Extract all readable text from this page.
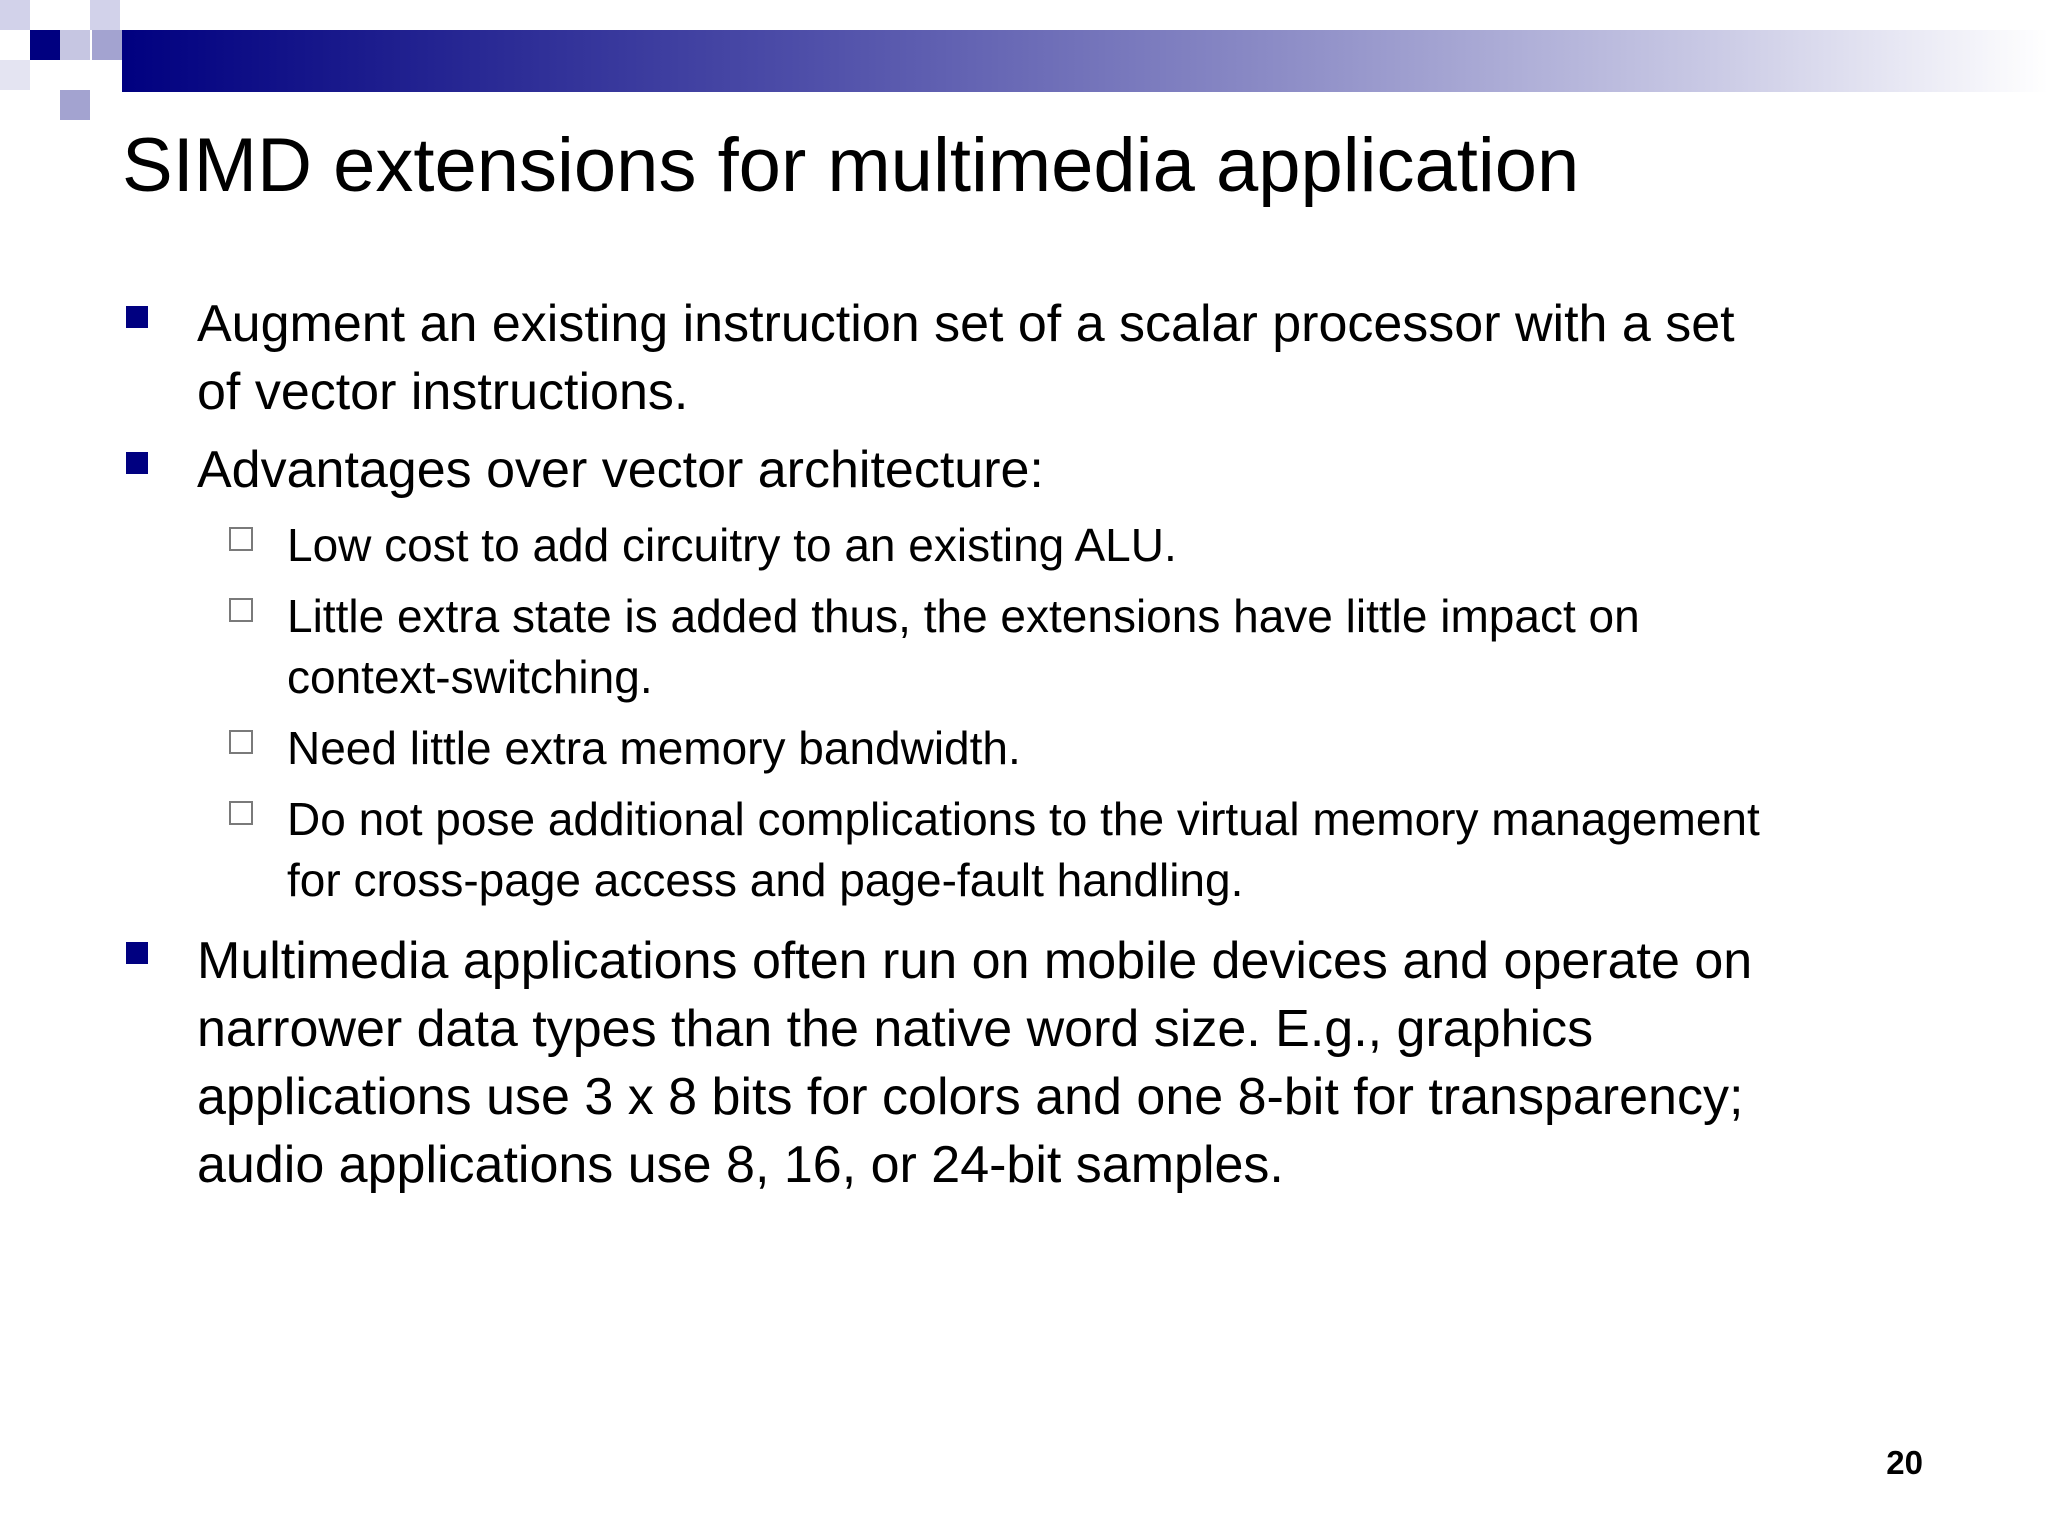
SIMD extensions for multimedia application
Augment an existing instruction set of a scalar processor with a set
of vector instructions.
Advantages over vector architecture:
Low cost to add circuitry to an existing ALU.
Little extra state is added thus, the extensions have little impact on
context-switching.
Need little extra memory bandwidth.
Do not pose additional complications to the virtual memory management
for cross-page access and page-fault handling.
Multimedia applications often run on mobile devices and operate on
narrower data types than the native word size. E.g., graphics
applications use 3 x 8 bits for colors and one 8-bit for transparency;
audio applications use 8, 16, or 24-bit samples.
20
